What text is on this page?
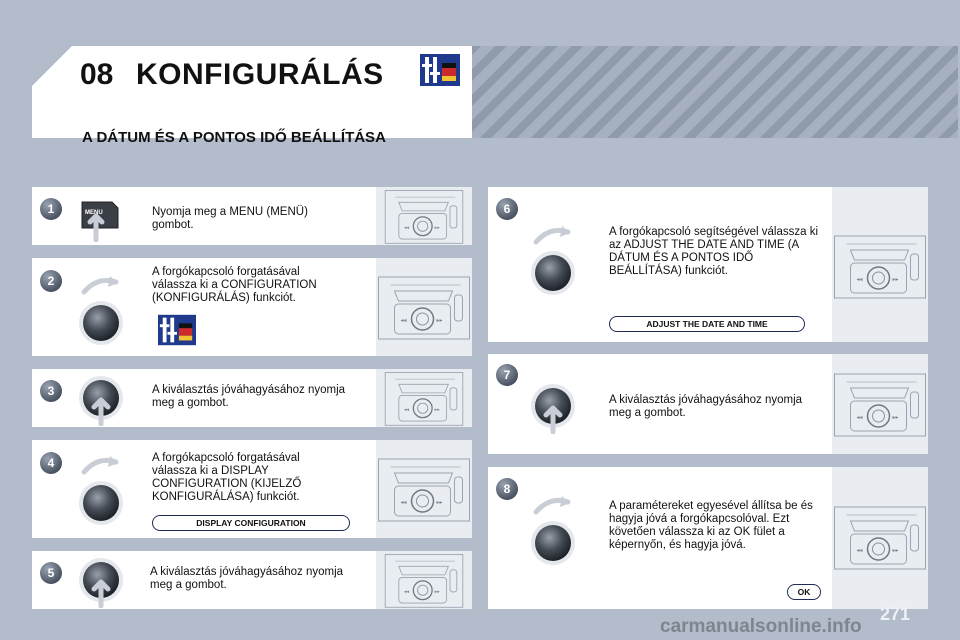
08 KONFIGURÁLÁS
A DÁTUM ÉS A PONTOS IDŐ BEÁLLÍTÁSA
1	MENU	Nyomja meg a MENU (MENÜ) gombot.
2
A forgókapcsoló forgatásával válassza ki a CONFIGURATION (KONFIGURÁLÁS) funkciót.
3	A kiválasztás jóváhagyásához nyomja meg a gombot.
4	A forgókapcsoló forgatásával válassza ki a DISPLAY CONFIGURATION (KIJELZŐ KONFIGURÁLÁSA) funkciót.
DISPLAY CONFIGURATION
5	A kiválasztás jóváhagyásához nyomja meg a gombot.
6
A forgókapcsoló segítségével válassza ki az ADJUST THE DATE AND TIME (A DÁTUM ÉS A PONTOS IDŐ BEÁLLÍTÁSA) funkciót.
ADJUST THE DATE AND TIME
7
A kiválasztás jóváhagyásához nyomja meg a gombot.
8
A paramétereket egyesével állítsa be és hagyja jóvá a forgókapcsolóval. Ezt követően válassza ki az OK fület a képernyőn, és hagyja jóvá.
OK
carmanualsonline.info
271
